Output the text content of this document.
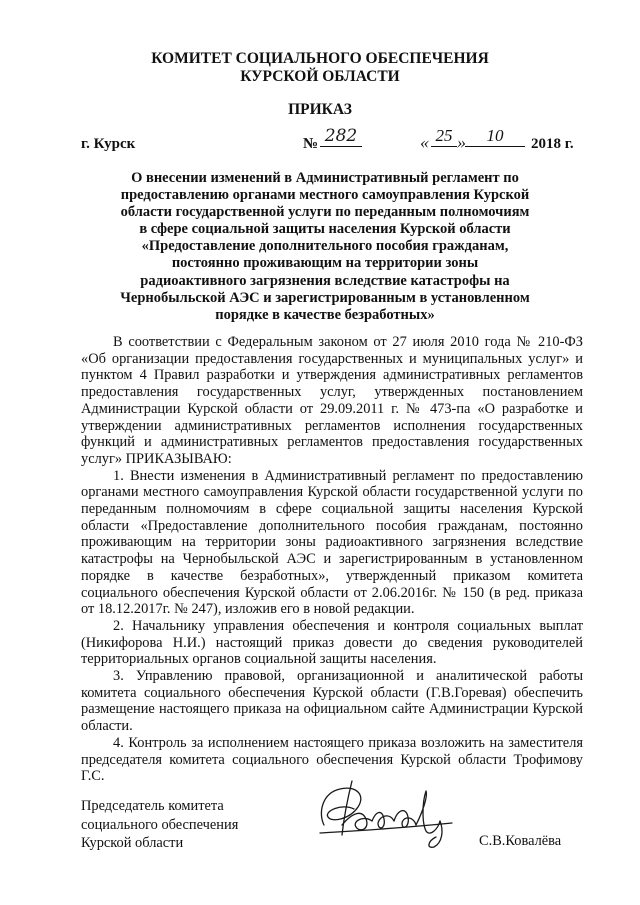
КОМИТЕТ СОЦИАЛЬНОГО ОБЕСПЕЧЕНИЯ
КУРСКОЙ ОБЛАСТИ
ПРИКАЗ
г. Курск	№ 282	« 25 »	10	2018 г.
О внесении изменений в Административный регламент по
предоставлению органами местного самоуправления Курской
области государственной услуги по переданным полномочиям
в сфере социальной защиты населения Курской области
«Предоставление дополнительного пособия гражданам,
постоянно проживающим на территории зоны
радиоактивного загрязнения вследствие катастрофы на
Чернобыльской АЭС и зарегистрированным в установленном
порядке в качестве безработных»

В соответствии с Федеральным законом от 27 июля 2010 года № 210-ФЗ «Об организации предоставления государственных и муниципальных услуг» и пунктом 4 Правил разработки и утверждения административных регламентов предоставления государственных услуг, утвержденных постановлением Администрации Курской области от 29.09.2011 г. № 473-па «О разработке и утверждении административных регламентов исполнения государственных функций и административных регламентов предоставления государственных услуг» ПРИКАЗЫВАЮ:

1. Внести изменения в Административный регламент по предоставлению органами местного самоуправления Курской области государственной услуги по переданным полномочиям в сфере социальной защиты населения Курской области «Предоставление дополнительного пособия гражданам, постоянно проживающим на территории зоны радиоактивного загрязнения вследствие катастрофы на Чернобыльской АЭС и зарегистрированным в установленном порядке в качестве безработных», утвержденный приказом комитета социального обеспечения Курской области от 2.06.2016г. № 150 (в ред. приказа от 18.12.2017г. № 247), изложив его в новой редакции.

2. Начальнику управления обеспечения и контроля социальных выплат (Никифорова Н.И.) настоящий приказ довести до сведения руководителей территориальных органов социальной защиты населения.

3. Управлению правовой, организационной и аналитической работы комитета социального обеспечения Курской области (Г.В.Горевая) обеспечить размещение настоящего приказа на официальном сайте Администрации Курской области.

4. Контроль за исполнением настоящего приказа возложить на заместителя председателя комитета социального обеспечения Курской области Трофимову Г.С.

Председатель комитета
социального обеспечения
Курской области	С.В.Ковалёва
